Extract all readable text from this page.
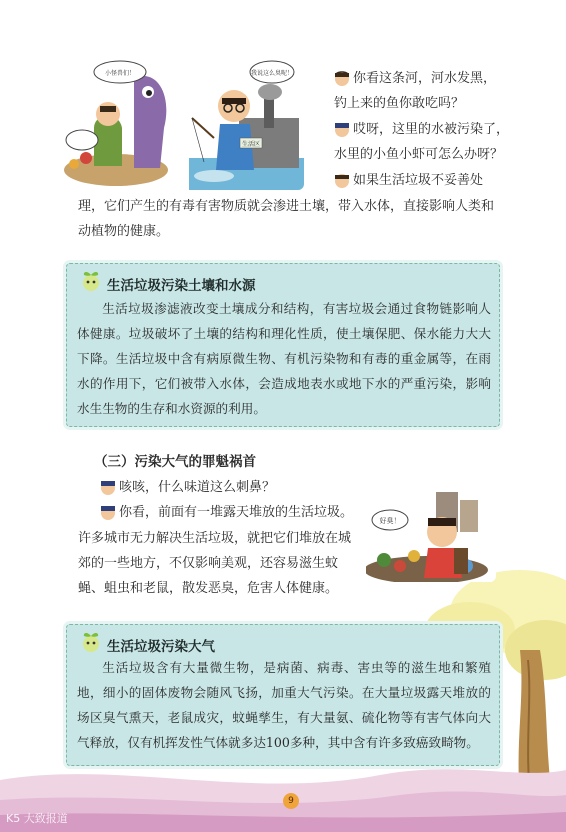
小怪兽们！	我说这么臭呢！
生活区
你看这条河，河水发黑，
钓上来的鱼你敢吃吗？
哎呀，这里的水被污染了，
水里的小鱼小虾可怎么办呀？
如果生活垃圾不妥善处
理，它们产生的有毒有害物质就会渗进土壤，带入水体，直接影响人类和动植物的健康。
生活垃圾污染土壤和水源
生活垃圾渗滤液改变土壤成分和结构，有害垃圾会通过食物链影响人体健康。垃圾破坏了土壤的结构和理化性质，使土壤保肥、保水能力大大下降。生活垃圾中含有病原微生物、有机污染物和有毒的重金属等，在雨水的作用下，它们被带入水体，会造成地表水或地下水的严重污染，影响水生生物的生存和水资源的利用。
（三）污染大气的罪魁祸首
咳咳，什么味道这么刺鼻？
你看，前面有一堆露天堆放的生活垃圾。
许多城市无力解决生活垃圾，就把它们堆放在城郊的一些地方，不仅影响美观，还容易滋生蚊蝇、蛆虫和老鼠，散发恶臭，危害人体健康。
好臭！
生活垃圾污染大气
生活垃圾含有大量微生物，是病菌、病毒、害虫等的滋生地和繁殖地，细小的固体废物会随风飞扬，加重大气污染。在大量垃圾露天堆放的场区臭气熏天，老鼠成灾，蚊蝇孳生，有大量氨、硫化物等有害气体向大气释放，仅有机挥发性气体就多达100多种，其中含有许多致癌致畸物。
9
K5 大致报道
